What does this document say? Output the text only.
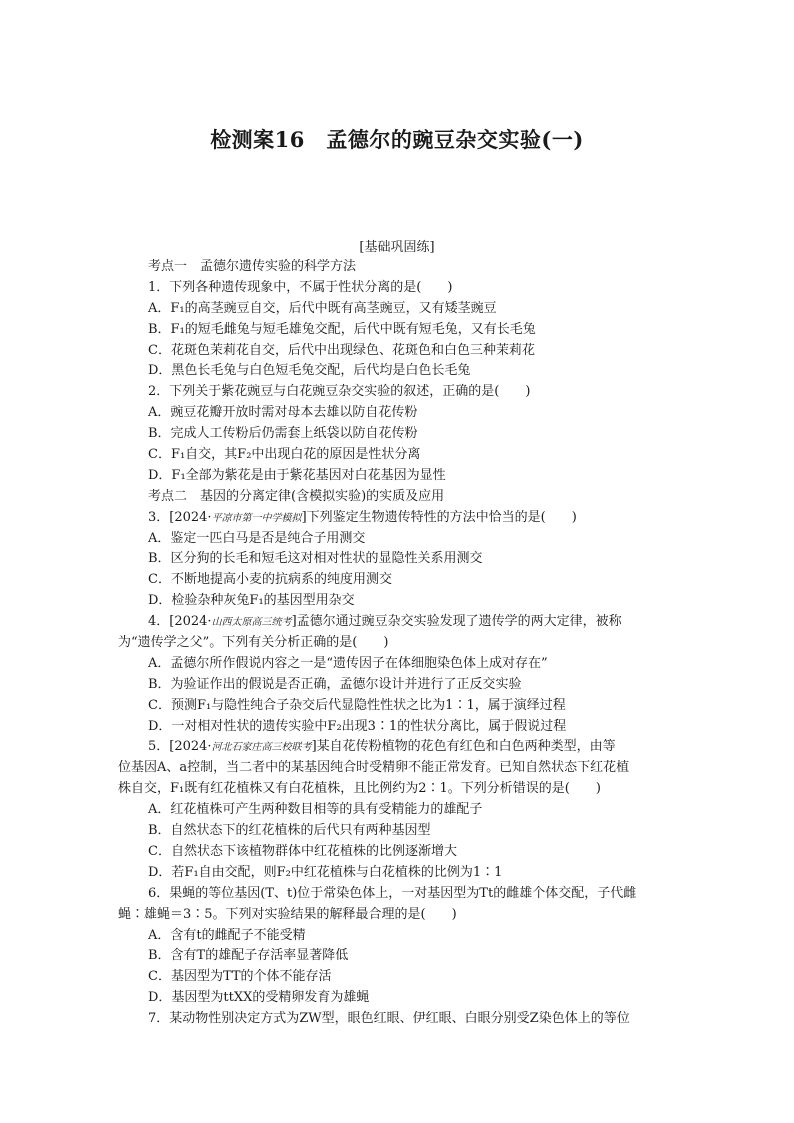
检测案16　孟德尔的豌豆杂交实验(一)
[基础巩固练]
考点一　孟德尔遗传实验的科学方法
1．下列各种遗传现象中，不属于性状分离的是(　　)
A．F₁的高茎豌豆自交，后代中既有高茎豌豆，又有矮茎豌豆
B．F₁的短毛雌兔与短毛雄兔交配，后代中既有短毛兔，又有长毛兔
C．花斑色茉莉花自交，后代中出现绿色、花斑色和白色三种茉莉花
D．黑色长毛兔与白色短毛兔交配，后代均是白色长毛兔
2．下列关于紫花豌豆与白花豌豆杂交实验的叙述，正确的是(　　)
A．豌豆花瓣开放时需对母本去雄以防自花传粉
B．完成人工传粉后仍需套上纸袋以防自花传粉
C．F₁自交，其F₂中出现白花的原因是性状分离
D．F₁全部为紫花是由于紫花基因对白花基因为显性
考点二　基因的分离定律(含模拟实验)的实质及应用
3．[2024·平凉市第一中学模拟]下列鉴定生物遗传特性的方法中恰当的是(　　)
A．鉴定一匹白马是否是纯合子用测交
B．区分狗的长毛和短毛这对相对性状的显隐性关系用测交
C．不断地提高小麦的抗病系的纯度用测交
D．检验杂种灰兔F₁的基因型用杂交
4．[2024·山西太原高三统考]孟德尔通过豌豆杂交实验发现了遗传学的两大定律，被称
为“遗传学之父”。下列有关分析正确的是(　　)
A．孟德尔所作假说内容之一是“遗传因子在体细胞染色体上成对存在”
B．为验证作出的假说是否正确，孟德尔设计并进行了正反交实验
C．预测F₁与隐性纯合子杂交后代显隐性性状之比为1∶1，属于演绎过程
D．一对相对性状的遗传实验中F₂出现3∶1的性状分离比，属于假说过程
5．[2024·河北石家庄高三校联考]某自花传粉植物的花色有红色和白色两种类型，由等
位基因A、a控制，当二者中的某基因纯合时受精卵不能正常发育。已知自然状态下红花植
株自交，F₁既有红花植株又有白花植株，且比例约为2∶1。下列分析错误的是(　　)
A．红花植株可产生两种数目相等的具有受精能力的雄配子
B．自然状态下的红花植株的后代只有两种基因型
C．自然状态下该植物群体中红花植株的比例逐渐增大
D．若F₁自由交配，则F₂中红花植株与白花植株的比例为1∶1
6．果蝇的等位基因(T、t)位于常染色体上，一对基因型为Tt的雌雄个体交配，子代雌
蝇∶雄蝇＝3∶5。下列对实验结果的解释最合理的是(　　)
A．含有t的雌配子不能受精
B．含有T的雄配子存活率显著降低
C．基因型为TT的个体不能存活
D．基因型为ttXX的受精卵发育为雄蝇
7．某动物性别决定方式为ZW型，眼色红眼、伊红眼、白眼分别受Z染色体上的等位
